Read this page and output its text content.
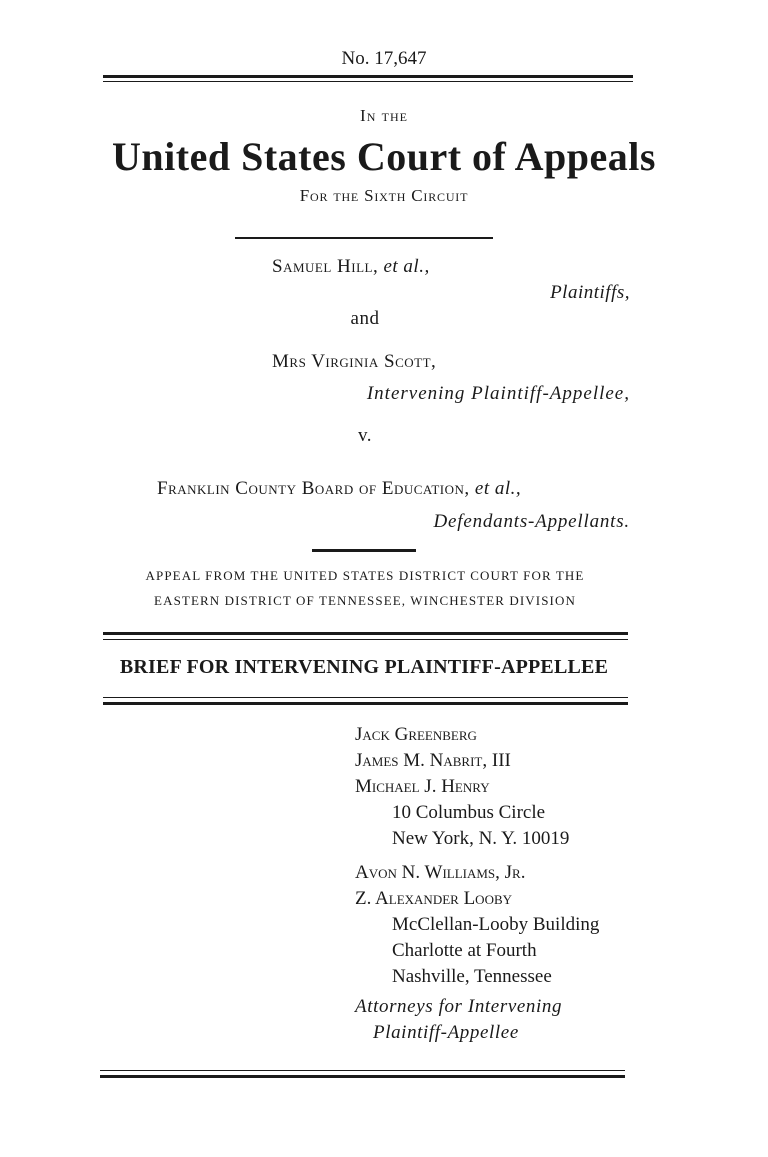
No. 17,647
In the
United States Court of Appeals
For the Sixth Circuit
Samuel Hill, et al.,
Plaintiffs,
and
Mrs Virginia Scott,
Intervening Plaintiff-Appellee,
v.
Franklin County Board of Education, et al.,
Defendants-Appellants.
APPEAL FROM THE UNITED STATES DISTRICT COURT FOR THE
EASTERN DISTRICT OF TENNESSEE, WINCHESTER DIVISION
BRIEF FOR INTERVENING PLAINTIFF-APPELLEE
Jack Greenberg
James M. Nabrit, III
Michael J. Henry
10 Columbus Circle
New York, N. Y. 10019
Avon N. Williams, Jr.
Z. Alexander Looby
McClellan-Looby Building
Charlotte at Fourth
Nashville, Tennessee
Attorneys for Intervening
Plaintiff-Appellee
